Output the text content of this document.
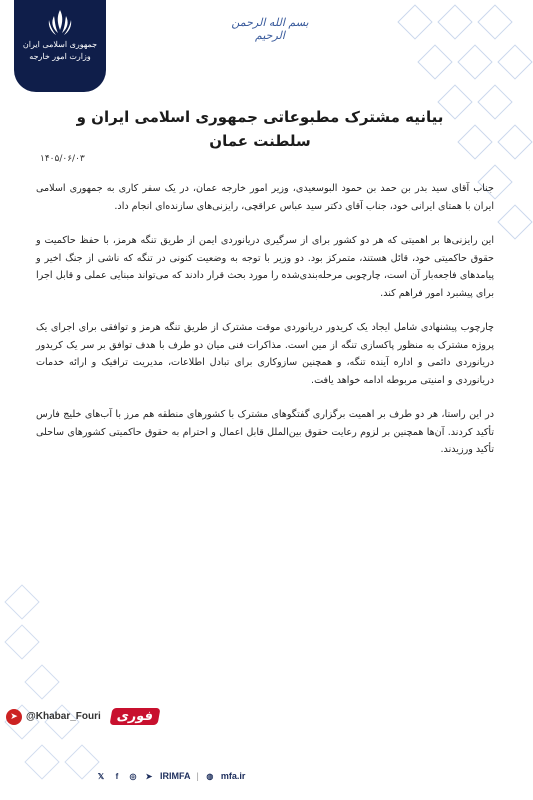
جمهوری اسلامی ایران
وزارت امور خارجه
بسم الله الرحمن الرحیم
بیانیه مشترک مطبوعاتی جمهوری اسلامی ایران و سلطنت عمان
۱۴۰۵/۰۶/۰۳

جناب آقای سید بدر بن حمد بن حمود البوسعیدی، وزیر امور خارجه عمان، در یک سفر کاری به جمهوری اسلامی ایران با همتای ایرانی خود، جناب آقای دکتر سید عباس عراقچی، رایزنی‌های سازنده‌ای انجام داد.

این رایزنی‌ها بر اهمیتی که هر دو کشور برای از سرگیری دریانوردی ایمن از طریق تنگه هرمز، با حفظ حاکمیت و حقوق حاکمیتی خود، قائل هستند، متمرکز بود. دو وزیر با توجه به وضعیت کنونی در تنگه که ناشی از جنگ اخیر و پیامدهای فاجعه‌بار آن است، چارچوبی مرحله‌بندی‌شده را مورد بحث قرار دادند که می‌تواند مبنایی عملی و قابل اجرا برای پیشبرد امور فراهم کند.

چارچوب پیشنهادی شامل ایجاد یک کریدور دریانوردی موقت مشترک از طریق تنگه هرمز و توافقی برای اجرای یک پروژه مشترک به منظور پاکسازی تنگه از مین است. مذاکرات فنی میان دو طرف با هدف توافق بر سر یک کریدور دریانوردی دائمی و اداره آینده تنگه، و همچنین سازوکاری برای تبادل اطلاعات، مدیریت ترافیک و ارائه خدمات دریانوردی و امنیتی مربوطه ادامه خواهد یافت.

در این راستا، هر دو طرف بر اهمیت برگزاری گفتگوهای مشترک با کشورهای منطقه هم مرز با آب‌های خلیج فارس تأکید کردند. آن‌ها همچنین بر لزوم رعایت حقوق بین‌الملل قابل اعمال و احترام به حقوق حاکمیتی کشورهای ساحلی تأکید ورزیدند.

➤ @Khabar_Fouri	فوری
𝕏	f	◎ ➤ IRIMFA | ◍ mfa.ir
